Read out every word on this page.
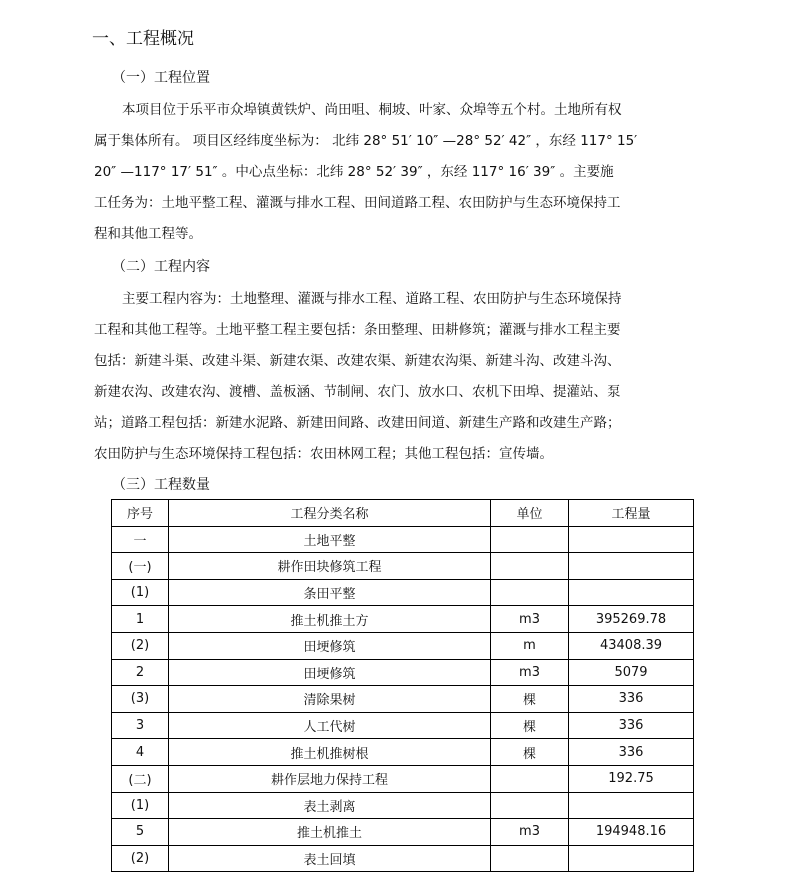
一、工程概况
（一）工程位置
本项目位于乐平市众埠镇黄铁炉、尚田咀、桐坡、叶家、众埠等五个村。土地所有权
属于集体所有。 项目区经纬度坐标为： 北纬 28° 51′ 10″ —28° 52′ 42″ ，东经 117° 15′
20″ —117° 17′ 51″ 。中心点坐标：北纬 28° 52′ 39″ ，东经 117° 16′ 39″ 。主要施
工任务为：土地平整工程、灌溉与排水工程、田间道路工程、农田防护与生态环境保持工
程和其他工程等。
（二）工程内容
主要工程内容为：土地整理、灌溉与排水工程、道路工程、农田防护与生态环境保持
工程和其他工程等。土地平整工程主要包括：条田整理、田耕修筑；灌溉与排水工程主要
包括：新建斗渠、改建斗渠、新建农渠、改建农渠、新建农沟渠、新建斗沟、改建斗沟、
新建农沟、改建农沟、渡槽、盖板涵、节制闸、农门、放水口、农机下田埠、提灌站、泵
站；道路工程包括：新建水泥路、新建田间路、改建田间道、新建生产路和改建生产路；
农田防护与生态环境保持工程包括：农田林网工程；其他工程包括：宣传墙。
（三）工程数量
序号	工程分类名称	单位	工程量
一	土地平整		
(一)	耕作田块修筑工程		
(1)	条田平整		
1	推土机推土方	m3	395269.78
(2)	田埂修筑	m	43408.39
2	田埂修筑	m3	5079
(3)	清除果树	棵	336
3	人工代树	棵	336
4	推土机推树根	棵	336
(二)	耕作层地力保持工程		192.75
(1)	表土剥离		
5	推土机推土	m3	194948.16
(2)	表土回填		
